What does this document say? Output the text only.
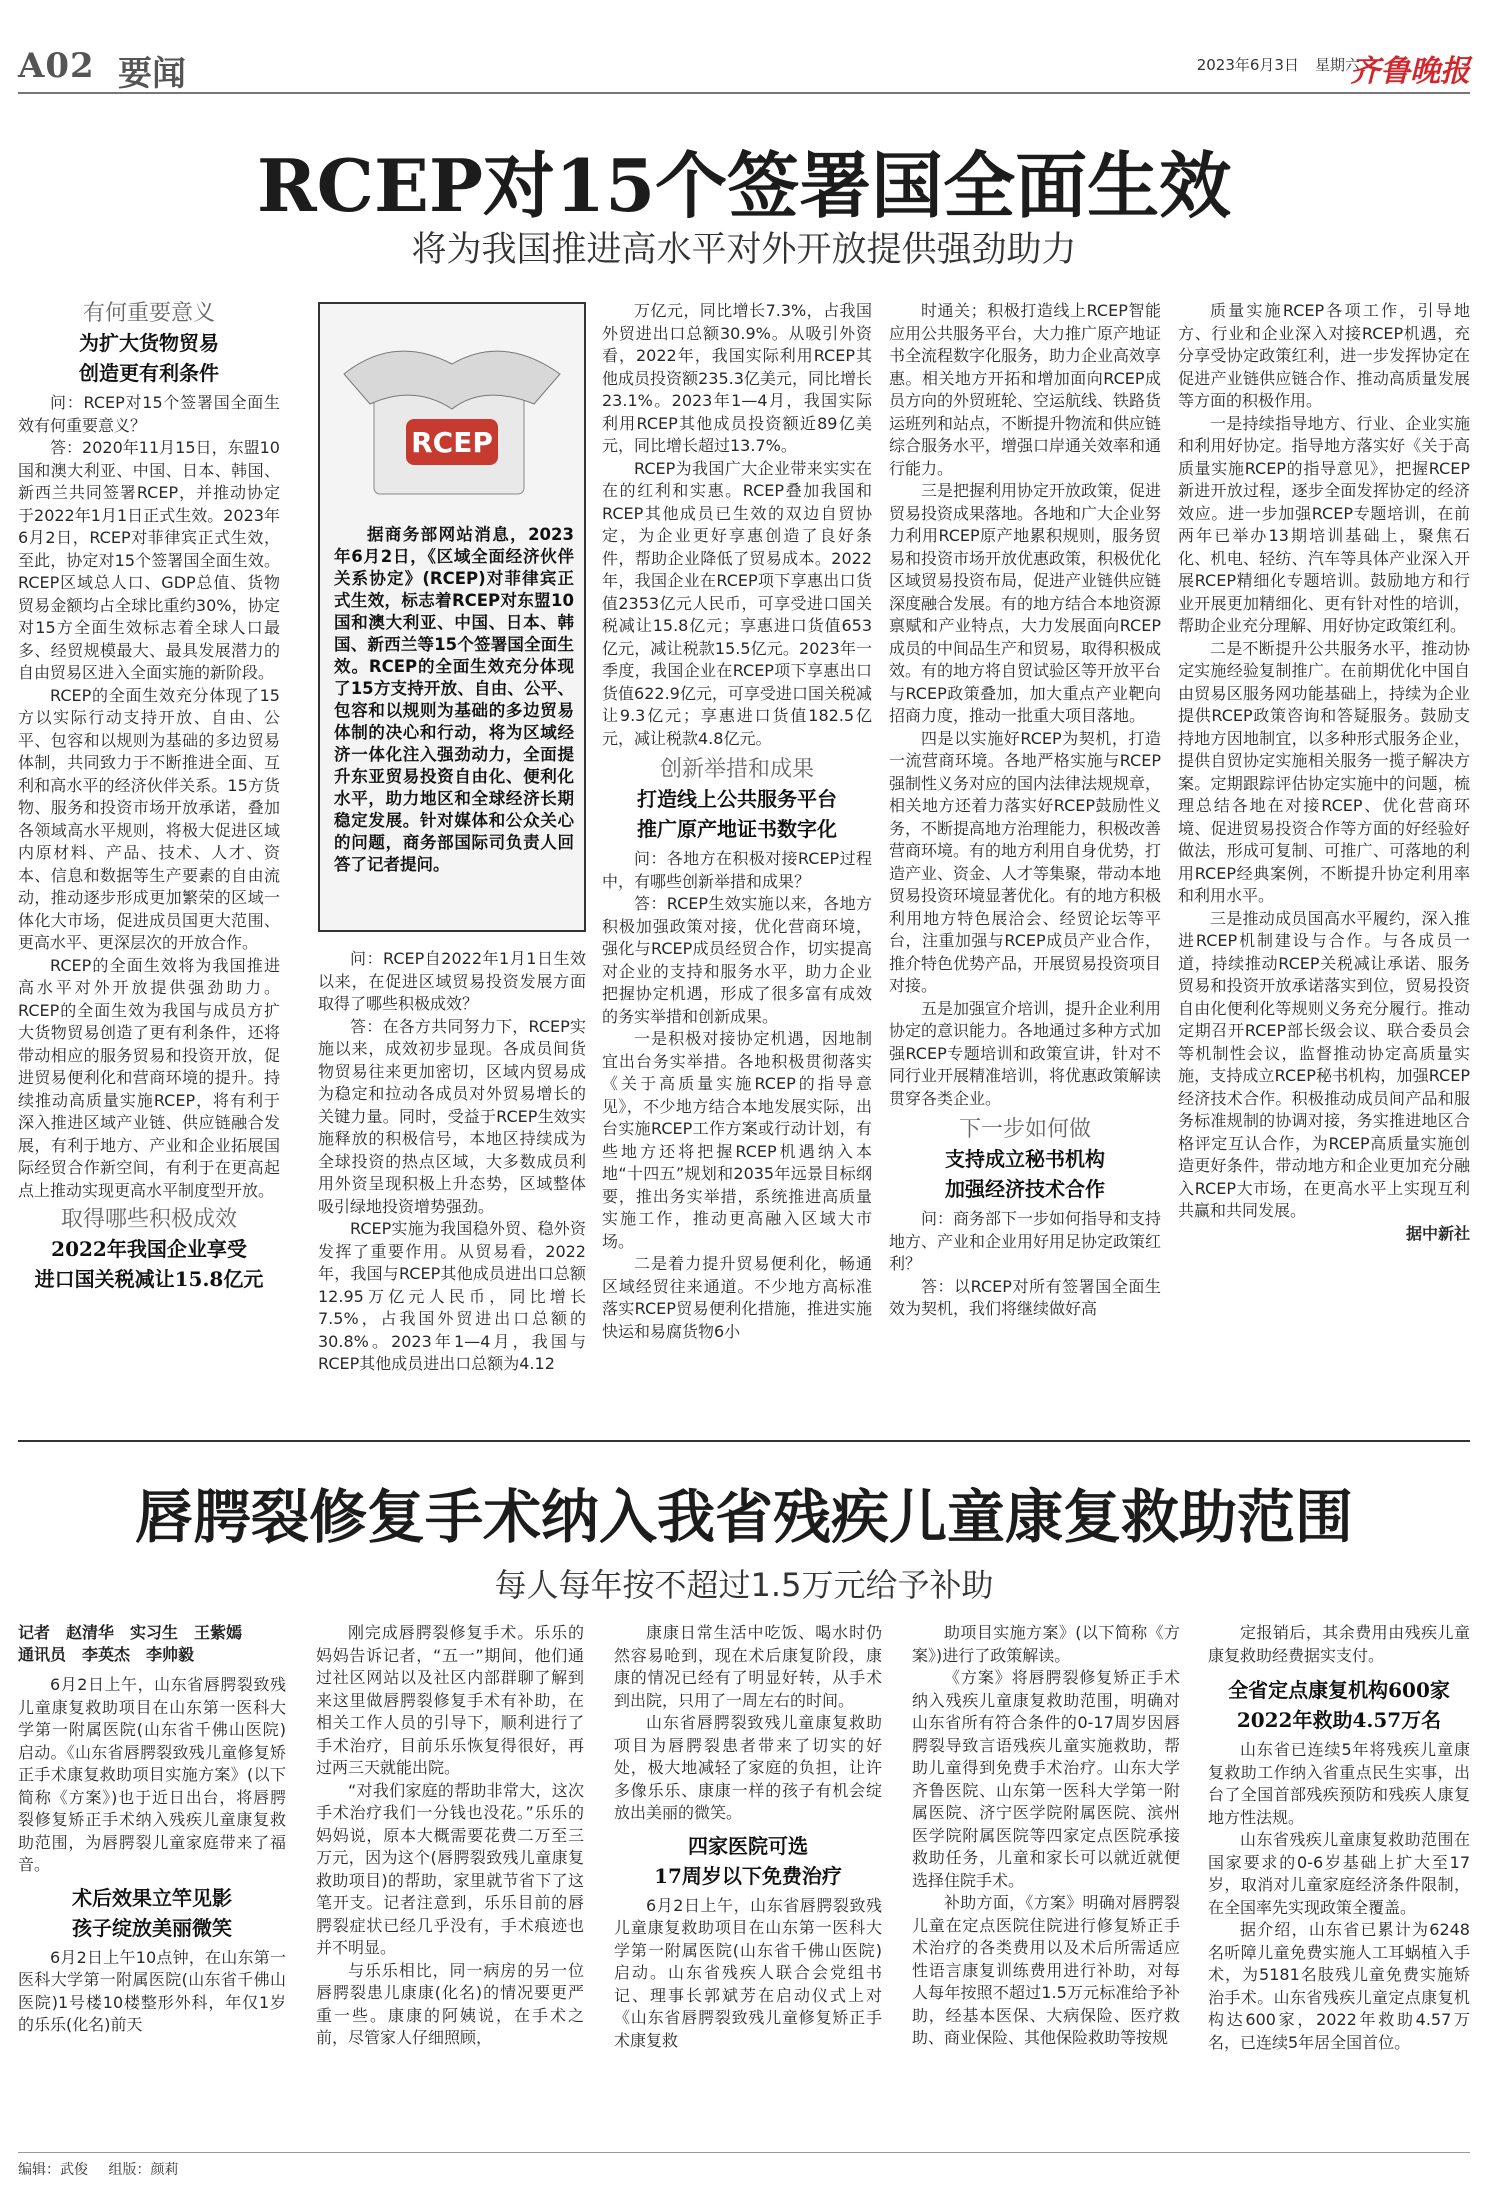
A02 要闻	2023年6月3日 星期六
齐鲁晚报
RCEP对15个签署国全面生效
将为我国推进高水平对外开放提供强劲助力
有何重要意义
为扩大货物贸易
创造更有利条件

问：RCEP对15个签署国全面生效有何重要意义？

答：2020年11月15日，东盟10国和澳大利亚、中国、日本、韩国、新西兰共同签署RCEP，并推动协定于2022年1月1日正式生效。2023年6月2日，RCEP对菲律宾正式生效，至此，协定对15个签署国全面生效。RCEP区域总人口、GDP总值、货物贸易金额均占全球比重约30%，协定对15方全面生效标志着全球人口最多、经贸规模最大、最具发展潜力的自由贸易区进入全面实施的新阶段。

RCEP的全面生效充分体现了15方以实际行动支持开放、自由、公平、包容和以规则为基础的多边贸易体制，共同致力于不断推进全面、互利和高水平的经济伙伴关系。15方货物、服务和投资市场开放承诺，叠加各领域高水平规则，将极大促进区域内原材料、产品、技术、人才、资本、信息和数据等生产要素的自由流动，推动逐步形成更加繁荣的区域一体化大市场，促进成员国更大范围、更高水平、更深层次的开放合作。

RCEP的全面生效将为我国推进高水平对外开放提供强劲助力。RCEP的全面生效为我国与成员方扩大货物贸易创造了更有利条件，还将带动相应的服务贸易和投资开放，促进贸易便利化和营商环境的提升。持续推动高质量实施RCEP，将有利于深入推进区域产业链、供应链融合发展，有利于地方、产业和企业拓展国际经贸合作新空间，有利于在更高起点上推动实现更高水平制度型开放。

取得哪些积极成效
2022年我国企业享受
进口国关税减让15.8亿元
RCEP

据商务部网站消息，2023年6月2日，《区域全面经济伙伴关系协定》(RCEP)对菲律宾正式生效，标志着RCEP对东盟10国和澳大利亚、中国、日本、韩国、新西兰等15个签署国全面生效。RCEP的全面生效充分体现了15方支持开放、自由、公平、包容和以规则为基础的多边贸易体制的决心和行动，将为区域经济一体化注入强劲动力，全面提升东亚贸易投资自由化、便利化水平，助力地区和全球经济长期稳定发展。针对媒体和公众关心的问题，商务部国际司负责人回答了记者提问。

问：RCEP自2022年1月1日生效以来，在促进区域贸易投资发展方面取得了哪些积极成效？

答：在各方共同努力下，RCEP实施以来，成效初步显现。各成员间货物贸易往来更加密切，区域内贸易成为稳定和拉动各成员对外贸易增长的关键力量。同时，受益于RCEP生效实施释放的积极信号，本地区持续成为全球投资的热点区域，大多数成员利用外资呈现积极上升态势，区域整体吸引绿地投资增势强劲。

RCEP实施为我国稳外贸、稳外资发挥了重要作用。从贸易看，2022年，我国与RCEP其他成员进出口总额12.95万亿元人民币，同比增长7.5%，占我国外贸进出口总额的30.8%。2023年1—4月，我国与RCEP其他成员进出口总额为4.12

万亿元，同比增长7.3%，占我国外贸进出口总额30.9%。从吸引外资看，2022年，我国实际利用RCEP其他成员投资额235.3亿美元，同比增长23.1%。2023年1—4月，我国实际利用RCEP其他成员投资额近89亿美元，同比增长超过13.7%。

RCEP为我国广大企业带来实实在在的红利和实惠。RCEP叠加我国和RCEP其他成员已生效的双边自贸协定，为企业更好享惠创造了良好条件，帮助企业降低了贸易成本。2022年，我国企业在RCEP项下享惠出口货值2353亿元人民币，可享受进口国关税减让15.8亿元；享惠进口货值653亿元，减让税款15.5亿元。2023年一季度，我国企业在RCEP项下享惠出口货值622.9亿元，可享受进口国关税减让9.3亿元；享惠进口货值182.5亿元，减让税款4.8亿元。

创新举措和成果
打造线上公共服务平台
推广原产地证书数字化

问：各地方在积极对接RCEP过程中，有哪些创新举措和成果？

答：RCEP生效实施以来，各地方积极加强政策对接，优化营商环境，强化与RCEP成员经贸合作，切实提高对企业的支持和服务水平，助力企业把握协定机遇，形成了很多富有成效的务实举措和创新成果。

一是积极对接协定机遇，因地制宜出台务实举措。各地积极贯彻落实《关于高质量实施RCEP的指导意见》，不少地方结合本地发展实际，出台实施RCEP工作方案或行动计划，有些地方还将把握RCEP机遇纳入本地“十四五”规划和2035年远景目标纲要，推出务实举措，系统推进高质量实施工作，推动更高融入区域大市场。

二是着力提升贸易便利化，畅通区域经贸往来通道。不少地方高标准落实RCEP贸易便利化措施，推进实施快运和易腐货物6小

时通关；积极打造线上RCEP智能应用公共服务平台，大力推广原产地证书全流程数字化服务，助力企业高效享惠。相关地方开拓和增加面向RCEP成员方向的外贸班轮、空运航线、铁路货运班列和站点，不断提升物流和供应链综合服务水平，增强口岸通关效率和通行能力。

三是把握利用协定开放政策，促进贸易投资成果落地。各地和广大企业努力利用RCEP原产地累积规则，服务贸易和投资市场开放优惠政策，积极优化区域贸易投资布局，促进产业链供应链深度融合发展。有的地方结合本地资源禀赋和产业特点，大力发展面向RCEP成员的中间品生产和贸易，取得积极成效。有的地方将自贸试验区等开放平台与RCEP政策叠加，加大重点产业靶向招商力度，推动一批重大项目落地。

四是以实施好RCEP为契机，打造一流营商环境。各地严格实施与RCEP强制性义务对应的国内法律法规规章，相关地方还着力落实好RCEP鼓励性义务，不断提高地方治理能力，积极改善营商环境。有的地方利用自身优势，打造产业、资金、人才等集聚，带动本地贸易投资环境显著优化。有的地方积极利用地方特色展洽会、经贸论坛等平台，注重加强与RCEP成员产业合作，推介特色优势产品，开展贸易投资项目对接。

五是加强宣介培训，提升企业利用协定的意识能力。各地通过多种方式加强RCEP专题培训和政策宣讲，针对不同行业开展精准培训，将优惠政策解读贯穿各类企业。

下一步如何做
支持成立秘书机构
加强经济技术合作

问：商务部下一步如何指导和支持地方、产业和企业用好用足协定政策红利？

答：以RCEP对所有签署国全面生效为契机，我们将继续做好高

质量实施RCEP各项工作，引导地方、行业和企业深入对接RCEP机遇，充分享受协定政策红利，进一步发挥协定在促进产业链供应链合作、推动高质量发展等方面的积极作用。

一是持续指导地方、行业、企业实施和利用好协定。指导地方落实好《关于高质量实施RCEP的指导意见》，把握RCEP新进开放过程，逐步全面发挥协定的经济效应。进一步加强RCEP专题培训，在前两年已举办13期培训基础上，聚焦石化、机电、轻纺、汽车等具体产业深入开展RCEP精细化专题培训。鼓励地方和行业开展更加精细化、更有针对性的培训，帮助企业充分理解、用好协定政策红利。

二是不断提升公共服务水平，推动协定实施经验复制推广。在前期优化中国自由贸易区服务网功能基础上，持续为企业提供RCEP政策咨询和答疑服务。鼓励支持地方因地制宜，以多种形式服务企业，提供自贸协定实施相关服务一揽子解决方案。定期跟踪评估协定实施中的问题，梳理总结各地在对接RCEP、优化营商环境、促进贸易投资合作等方面的好经验好做法，形成可复制、可推广、可落地的利用RCEP经典案例，不断提升协定利用率和利用水平。

三是推动成员国高水平履约，深入推进RCEP机制建设与合作。与各成员一道，持续推动RCEP关税减让承诺、服务贸易和投资开放承诺落实到位，贸易投资自由化便利化等规则义务充分履行。推动定期召开RCEP部长级会议、联合委员会等机制性会议，监督推动协定高质量实施，支持成立RCEP秘书机构，加强RCEP经济技术合作。积极推动成员间产品和服务标准规制的协调对接，务实推进地区合格评定互认合作，为RCEP高质量实施创造更好条件，带动地方和企业更加充分融入RCEP大市场，在更高水平上实现互利共赢和共同发展。

据中新社
唇腭裂修复手术纳入我省残疾儿童康复救助范围
每人每年按不超过1.5万元给予补助
记者　赵清华　实习生　王紫嫣
通讯员　李英杰　李帅毅

6月2日上午，山东省唇腭裂致残儿童康复救助项目在山东第一医科大学第一附属医院(山东省千佛山医院)启动。《山东省唇腭裂致残儿童修复矫正手术康复救助项目实施方案》(以下简称《方案》)也于近日出台，将唇腭裂修复矫正手术纳入残疾儿童康复救助范围，为唇腭裂儿童家庭带来了福音。

术后效果立竿见影
孩子绽放美丽微笑

6月2日上午10点钟，在山东第一医科大学第一附属医院(山东省千佛山医院)1号楼10楼整形外科，年仅1岁的乐乐(化名)前天

刚完成唇腭裂修复手术。乐乐的妈妈告诉记者，“五一”期间，他们通过社区网站以及社区内部群聊了解到来这里做唇腭裂修复手术有补助，在相关工作人员的引导下，顺利进行了手术治疗，目前乐乐恢复得很好，再过两三天就能出院。

“对我们家庭的帮助非常大，这次手术治疗我们一分钱也没花。”乐乐的妈妈说，原本大概需要花费二万至三万元，因为这个(唇腭裂致残儿童康复救助项目)的帮助，家里就节省下了这笔开支。记者注意到，乐乐目前的唇腭裂症状已经几乎没有，手术痕迹也并不明显。

与乐乐相比，同一病房的另一位唇腭裂患儿康康(化名)的情况要更严重一些。康康的阿姨说，在手术之前，尽管家人仔细照顾，

康康日常生活中吃饭、喝水时仍然容易呛到，现在术后康复阶段，康康的情况已经有了明显好转，从手术到出院，只用了一周左右的时间。

山东省唇腭裂致残儿童康复救助项目为唇腭裂患者带来了切实的好处，极大地减轻了家庭的负担，让许多像乐乐、康康一样的孩子有机会绽放出美丽的微笑。

四家医院可选
17周岁以下免费治疗

6月2日上午，山东省唇腭裂致残儿童康复救助项目在山东第一医科大学第一附属医院(山东省千佛山医院)启动。山东省残疾人联合会党组书记、理事长郭斌芳在启动仪式上对《山东省唇腭裂致残儿童修复矫正手术康复救

助项目实施方案》(以下简称《方案》)进行了政策解读。

《方案》将唇腭裂修复矫正手术纳入残疾儿童康复救助范围，明确对山东省所有符合条件的0-17周岁因唇腭裂导致言语残疾儿童实施救助，帮助儿童得到免费手术治疗。山东大学齐鲁医院、山东第一医科大学第一附属医院、济宁医学院附属医院、滨州医学院附属医院等四家定点医院承接救助任务，儿童和家长可以就近就便选择住院手术。

补助方面，《方案》明确对唇腭裂儿童在定点医院住院进行修复矫正手术治疗的各类费用以及术后所需适应性语言康复训练费用进行补助，对每人每年按照不超过1.5万元标准给予补助，经基本医保、大病保险、医疗救助、商业保险、其他保险救助等按规

定报销后，其余费用由残疾儿童康复救助经费据实支付。

全省定点康复机构600家
2022年救助4.57万名

山东省已连续5年将残疾儿童康复救助工作纳入省重点民生实事，出台了全国首部残疾预防和残疾人康复地方性法规。

山东省残疾儿童康复救助范围在国家要求的0-6岁基础上扩大至17岁，取消对儿童家庭经济条件限制，在全国率先实现政策全覆盖。

据介绍，山东省已累计为6248名听障儿童免费实施人工耳蜗植入手术，为5181名肢残儿童免费实施矫治手术。山东省残疾儿童定点康复机构达600家，2022年救助4.57万名，已连续5年居全国首位。

编辑：武俊 组版：颜莉
